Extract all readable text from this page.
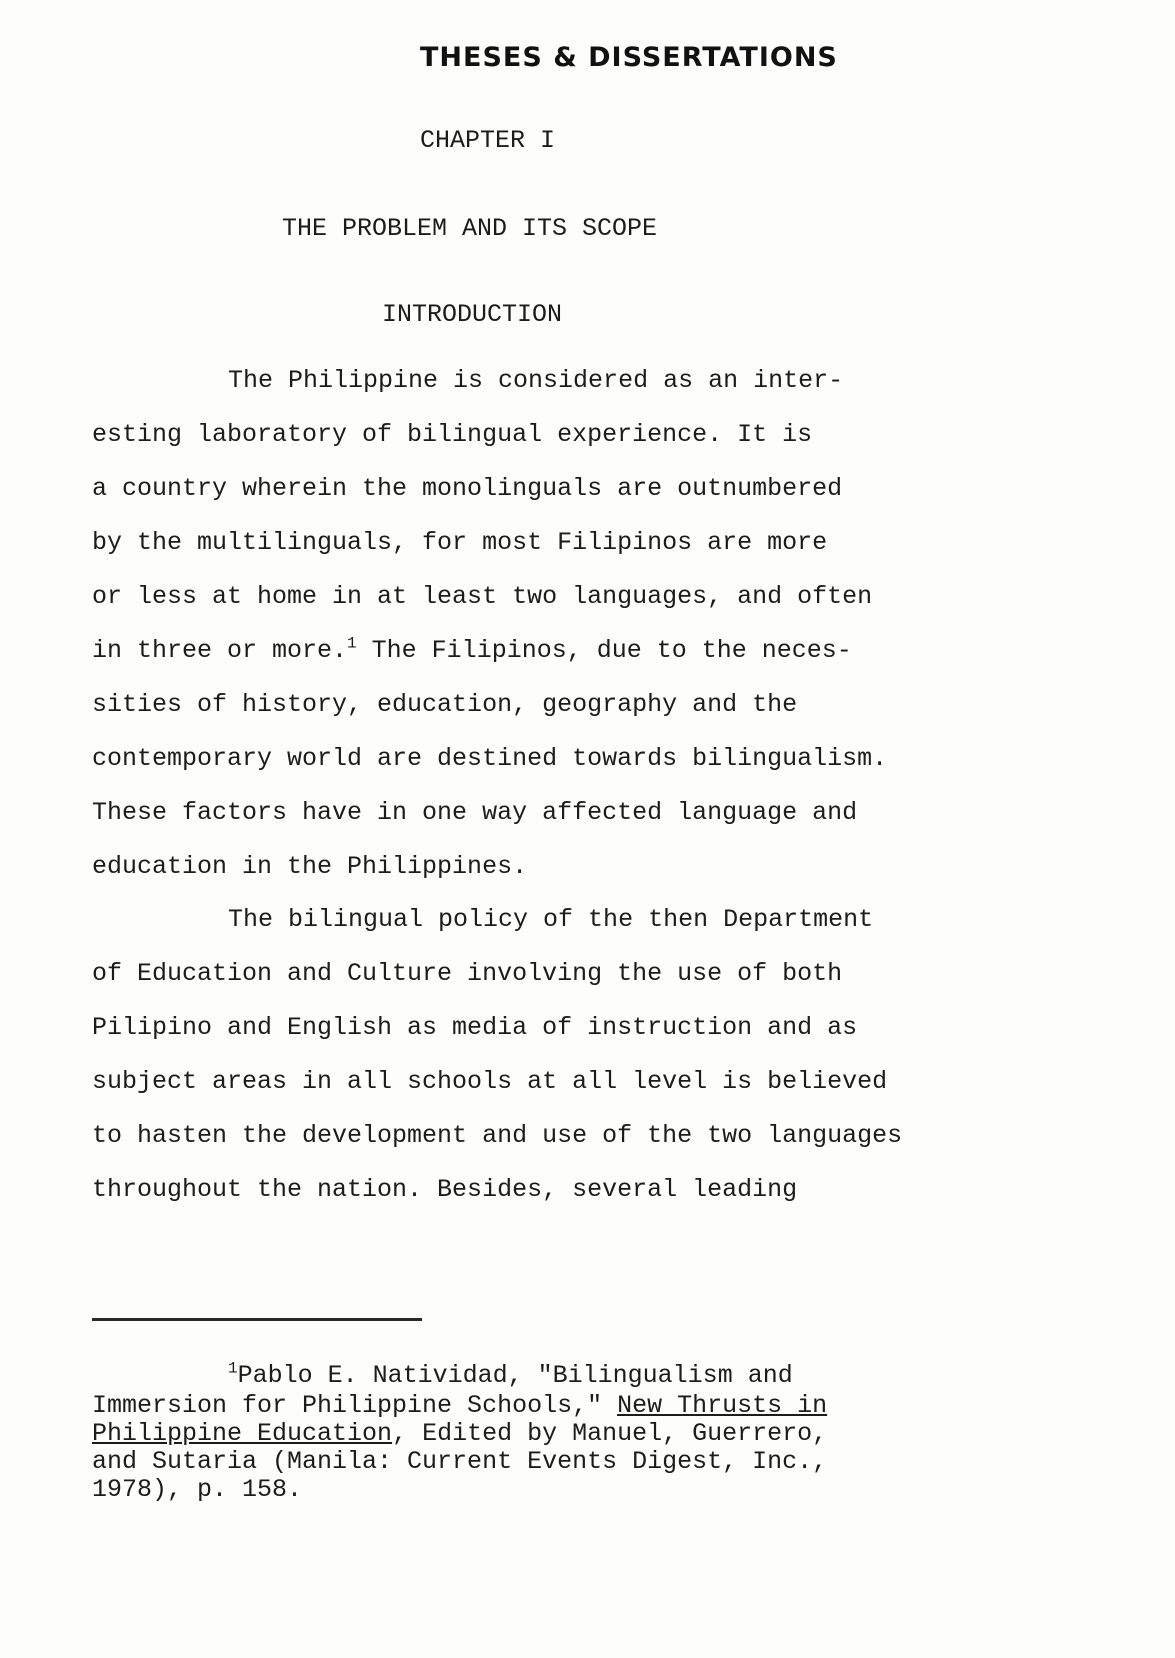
THESES & DISSERTATIONS
CHAPTER I
THE PROBLEM AND ITS SCOPE
INTRODUCTION
The Philippine is considered as an inter-
esting laboratory of bilingual experience. It is
a country wherein the monolinguals are outnumbered
by the multilinguals, for most Filipinos are more
or less at home in at least two languages, and often
in three or more.$^1$ The Filipinos, due to the neces-
sities of history, education, geography and the
contemporary world are destined towards bilingualism.
These factors have in one way affected language and
education in the Philippines.
The bilingual policy of the then Department
of Education and Culture involving the use of both
Pilipino and English as media of instruction and as
subject areas in all schools at all level is believed
to hasten the development and use of the two languages
throughout the nation. Besides, several leading
$^1$Pablo E. Natividad, "Bilingualism and
Immersion for Philippine Schools," New Thrusts in
Philippine Education, Edited by Manuel, Guerrero,
and Sutaria (Manila: Current Events Digest, Inc.,
1978), p. 158.
